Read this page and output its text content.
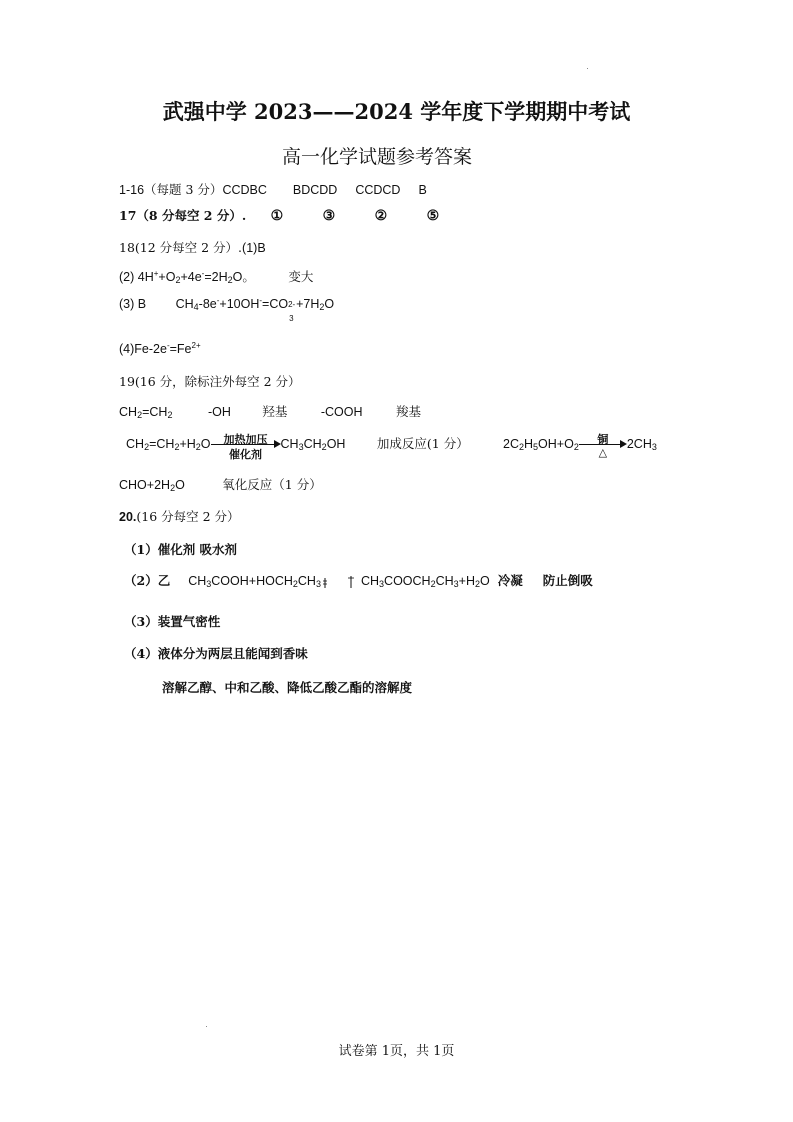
武强中学 2023——2024 学年度下学期期中考试
高一化学试题参考答案
1-16（每题 3 分）CCDBC BDCDD CCDCD B
17（8 分每空 2 分）. ①	③	②	⑤
18(12 分每空 2 分）.(1)B
(2) $4H^++O_2+4e^-=2H_2O$。	变大
(3) B $CH_4-8e^-+10OH^-=CO$ 2-
3
$+7H_2O$
$(4)Fe-2e^-=Fe^{2+}$
19(16 分，除标注外每空 2 分）
$CH_2=CH_2$	-OH	羟基	-COOH	羧基
$CH_2=CH_2+H_2O$	加热加压
催化剂
$CH_3CH_2OH$	加成反应(1 分）	$2C_2H_5OH+O_2$
铜
△
$2CH_3$
$CHO+2H_2O$	氧化反应（1 分）
20.(16 分每空 2 分）
（1）催化剂 吸水剂
（2）乙 $CH_3COOH+HOCH_2CH_3$	$CH_3COOCH_2CH_3+H_2O$ 冷凝 防止倒吸
（3）装置气密性
（4）液体分为两层且能闻到香味
溶解乙醇、中和乙酸、降低乙酸乙酯的溶解度
试卷第 1页，共 1页
